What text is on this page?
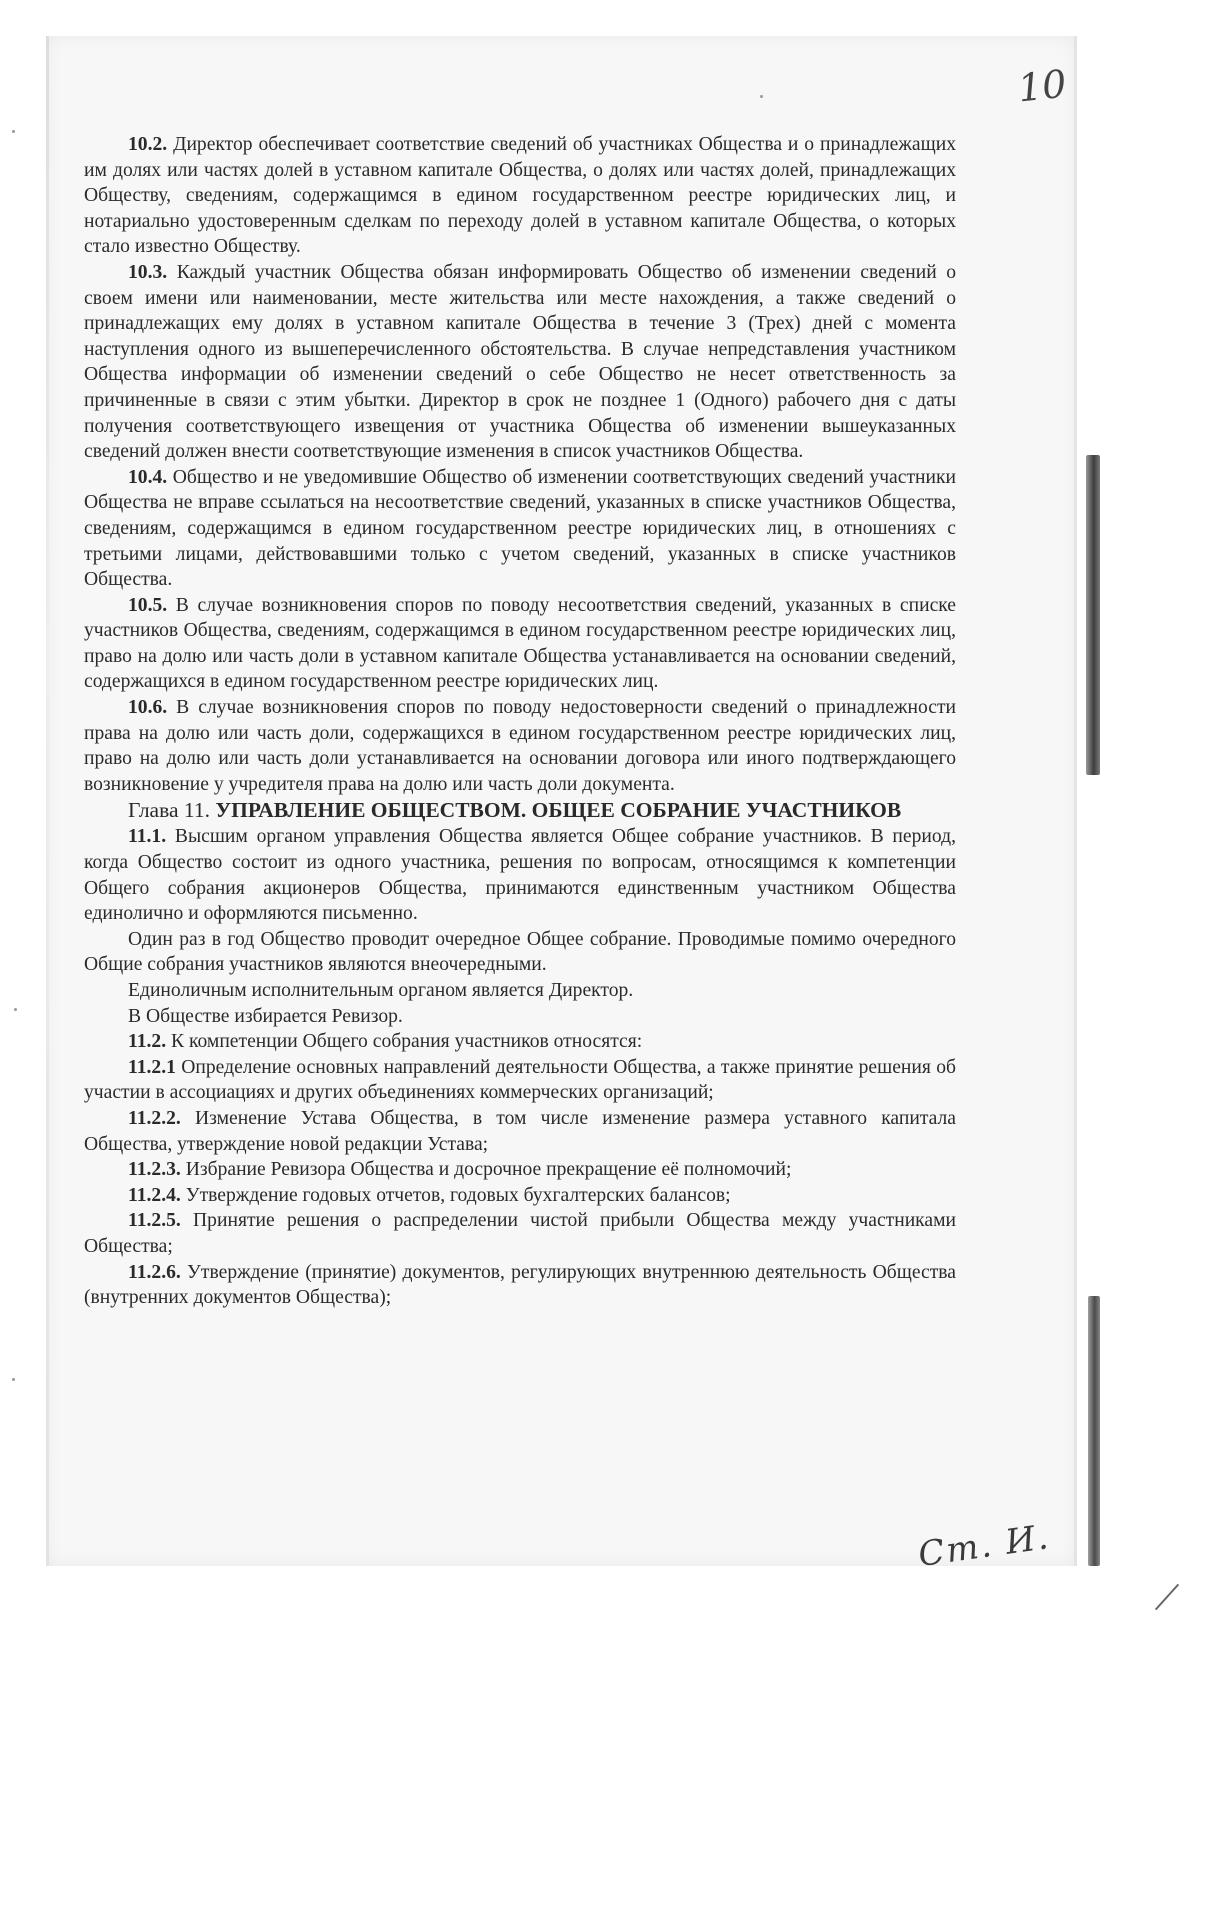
10

10.2. Директор обеспечивает соответствие сведений об участниках Общества и о принадлежащих им долях или частях долей в уставном капитале Общества, о долях или частях долей, принадлежащих Обществу, сведениям, содержащимся в едином государственном реестре юридических лиц, и нотариально удостоверенным сделкам по переходу долей в уставном капитале Общества, о которых стало известно Обществу.

10.3. Каждый участник Общества обязан информировать Общество об изменении сведений о своем имени или наименовании, месте жительства или месте нахождения, а также сведений о принадлежащих ему долях в уставном капитале Общества в течение 3 (Трех) дней с момента наступления одного из вышеперечисленного обстоятельства. В случае непредставления участником Общества информации об изменении сведений о себе Общество не несет ответственность за причиненные в связи с этим убытки. Директор в срок не позднее 1 (Одного) рабочего дня с даты получения соответствующего извещения от участника Общества об изменении вышеуказанных сведений должен внести соответствующие изменения в список участников Общества.

10.4. Общество и не уведомившие Общество об изменении соответствующих сведений участники Общества не вправе ссылаться на несоответствие сведений, указанных в списке участников Общества, сведениям, содержащимся в едином государственном реестре юридических лиц, в отношениях с третьими лицами, действовавшими только с учетом сведений, указанных в списке участников Общества.

10.5. В случае возникновения споров по поводу несоответствия сведений, указанных в списке участников Общества, сведениям, содержащимся в едином государственном реестре юридических лиц, право на долю или часть доли в уставном капитале Общества устанавливается на основании сведений, содержащихся в едином государственном реестре юридических лиц.

10.6. В случае возникновения споров по поводу недостоверности сведений о принадлежности права на долю или часть доли, содержащихся в едином государственном реестре юридических лиц, право на долю или часть доли устанавливается на основании договора или иного подтверждающего возникновение у учредителя права на долю или часть доли документа.

Глава 11. УПРАВЛЕНИЕ ОБЩЕСТВОМ. ОБЩЕЕ СОБРАНИЕ УЧАСТНИКОВ

11.1. Высшим органом управления Общества является Общее собрание участников. В период, когда Общество состоит из одного участника, решения по вопросам, относящимся к компетенции Общего собрания акционеров Общества, принимаются единственным участником Общества единолично и оформляются письменно.

Один раз в год Общество проводит очередное Общее собрание. Проводимые помимо очередного Общие собрания участников являются внеочередными.

Единоличным исполнительным органом является Директор.

В Обществе избирается Ревизор.

11.2. К компетенции Общего собрания участников относятся:

11.2.1 Определение основных направлений деятельности Общества, а также принятие решения об участии в ассоциациях и других объединениях коммерческих организаций;

11.2.2. Изменение Устава Общества, в том числе изменение размера уставного капитала Общества, утверждение новой редакции Устава;

11.2.3. Избрание Ревизора Общества и досрочное прекращение её полномочий;

11.2.4. Утверждение годовых отчетов, годовых бухгалтерских балансов;

11.2.5. Принятие решения о распределении чистой прибыли Общества между участниками Общества;

11.2.6. Утверждение (принятие) документов, регулирующих внутреннюю деятельность Общества (внутренних документов Общества);

Сm. И.
